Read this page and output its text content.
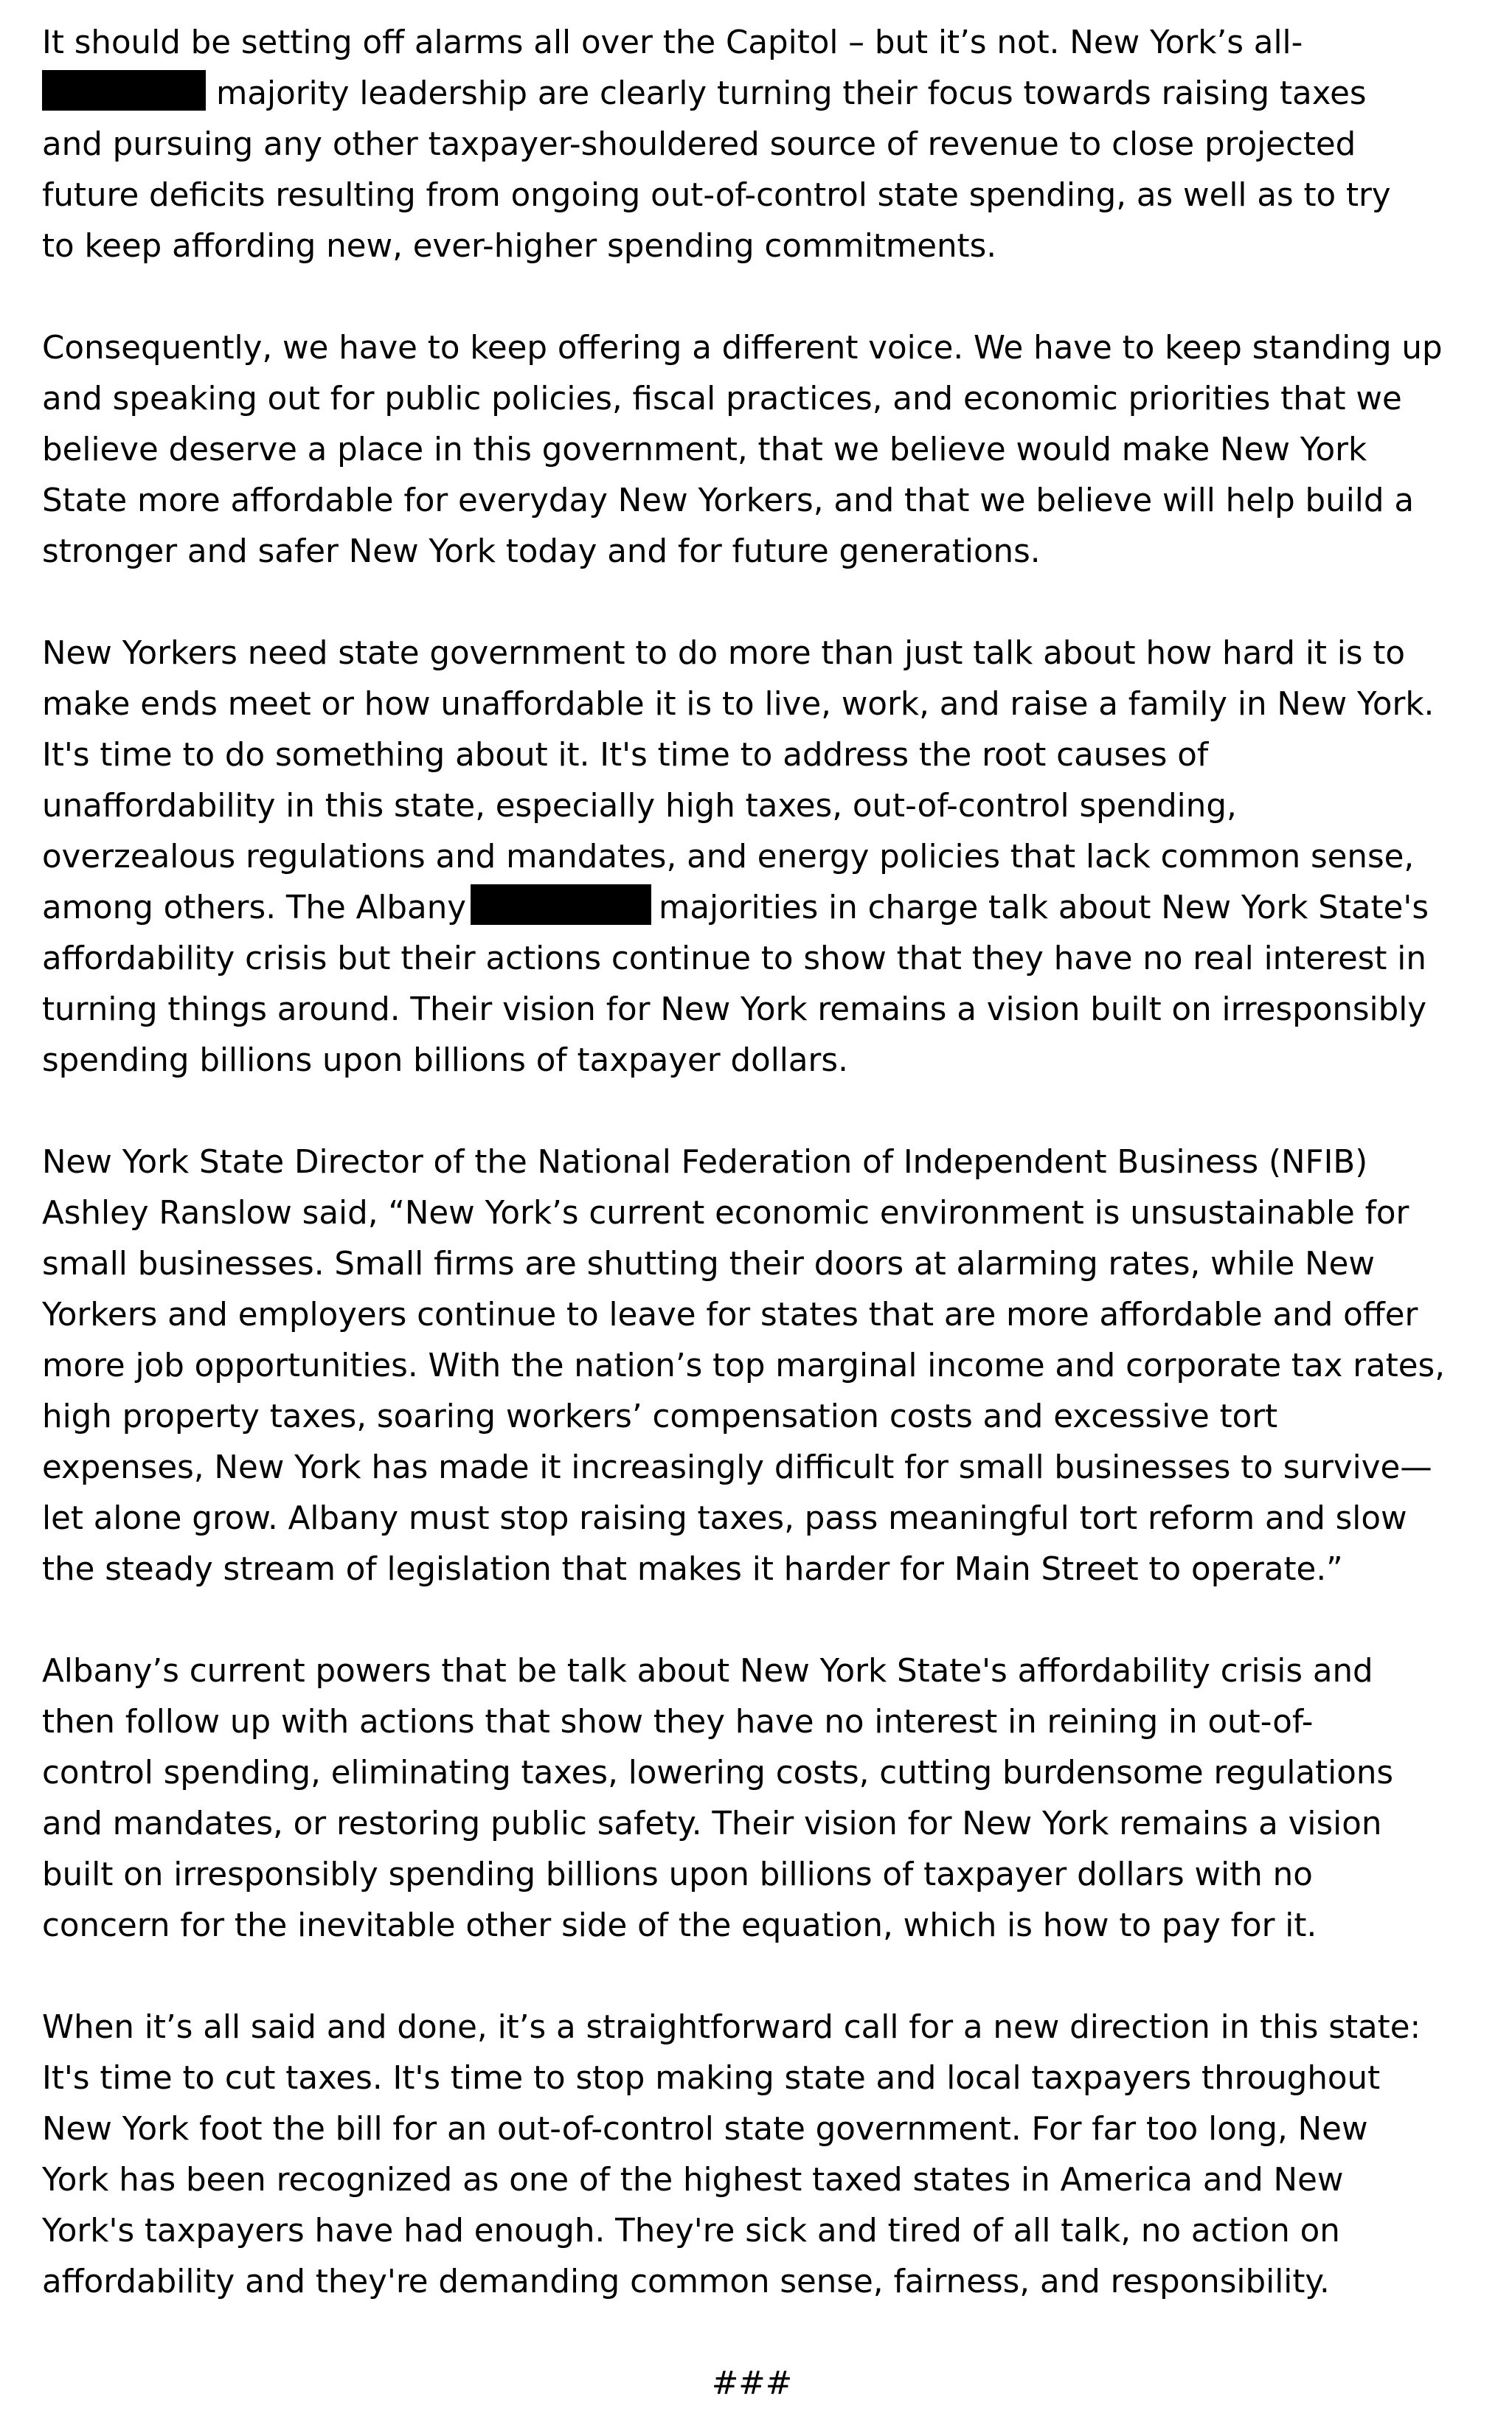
It should be setting off alarms all over the Capitol – but it’s not. New York’s all-
majority leadership are clearly turning their focus towards raising taxes
and pursuing any other taxpayer-shouldered source of revenue to close projected
future deficits resulting from ongoing out-of-control state spending, as well as to try
to keep affording new, ever-higher spending commitments.
Consequently, we have to keep offering a different voice. We have to keep standing up
and speaking out for public policies, fiscal practices, and economic priorities that we
believe deserve a place in this government, that we believe would make New York
State more affordable for everyday New Yorkers, and that we believe will help build a
stronger and safer New York today and for future generations.
New Yorkers need state government to do more than just talk about how hard it is to
make ends meet or how unaffordable it is to live, work, and raise a family in New York.
It's time to do something about it. It's time to address the root causes of
unaffordability in this state, especially high taxes, out-of-control spending,
overzealous regulations and mandates, and energy policies that lack common sense,
among others. The Albany	majorities in charge talk about New York State's
affordability crisis but their actions continue to show that they have no real interest in
turning things around. Their vision for New York remains a vision built on irresponsibly
spending billions upon billions of taxpayer dollars.
New York State Director of the National Federation of Independent Business (NFIB)
Ashley Ranslow said, “New York’s current economic environment is unsustainable for
small businesses. Small firms are shutting their doors at alarming rates, while New
Yorkers and employers continue to leave for states that are more affordable and offer
more job opportunities. With the nation’s top marginal income and corporate tax rates,
high property taxes, soaring workers’ compensation costs and excessive tort
expenses, New York has made it increasingly difficult for small businesses to survive—
let alone grow. Albany must stop raising taxes, pass meaningful tort reform and slow
the steady stream of legislation that makes it harder for Main Street to operate.”
Albany’s current powers that be talk about New York State's affordability crisis and
then follow up with actions that show they have no interest in reining in out-of-
control spending, eliminating taxes, lowering costs, cutting burdensome regulations
and mandates, or restoring public safety. Their vision for New York remains a vision
built on irresponsibly spending billions upon billions of taxpayer dollars with no
concern for the inevitable other side of the equation, which is how to pay for it.
When it’s all said and done, it’s a straightforward call for a new direction in this state:
It's time to cut taxes. It's time to stop making state and local taxpayers throughout
New York foot the bill for an out-of-control state government. For far too long, New
York has been recognized as one of the highest taxed states in America and New
York's taxpayers have had enough. They're sick and tired of all talk, no action on
affordability and they're demanding common sense, fairness, and responsibility.
###
